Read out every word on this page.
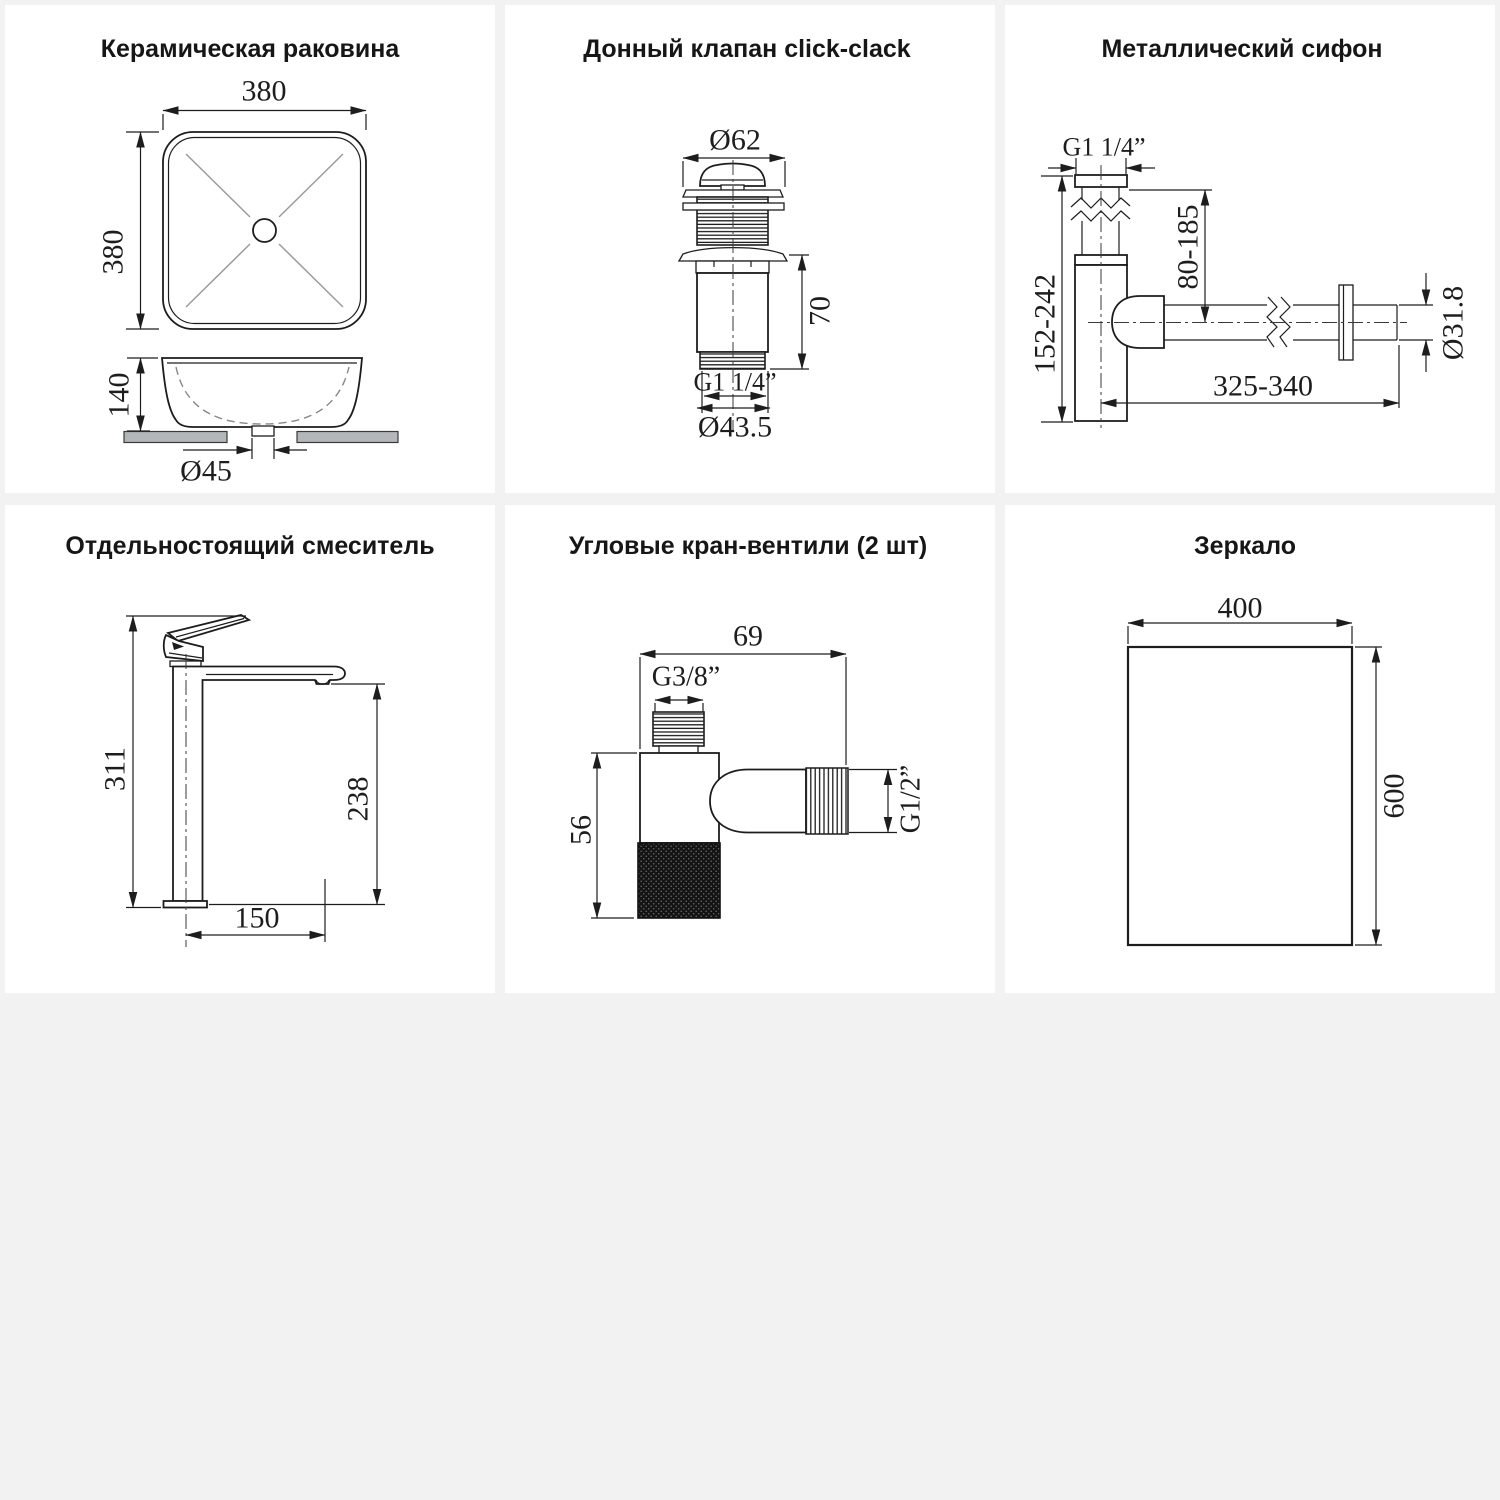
Керамическая раковина
380
380
140
Ø45
Донный клапан click-clack
Ø62
70
G1 1/4”
Ø43.5
Металлический сифон
G1 1/4”
152-242
80-185
Ø31.8
325-340
Отдельностоящий смеситель
311
238
150
Угловые кран-вентили (2 шт)
69
G3/8”
56	G1/2”
Зеркало
400
600
